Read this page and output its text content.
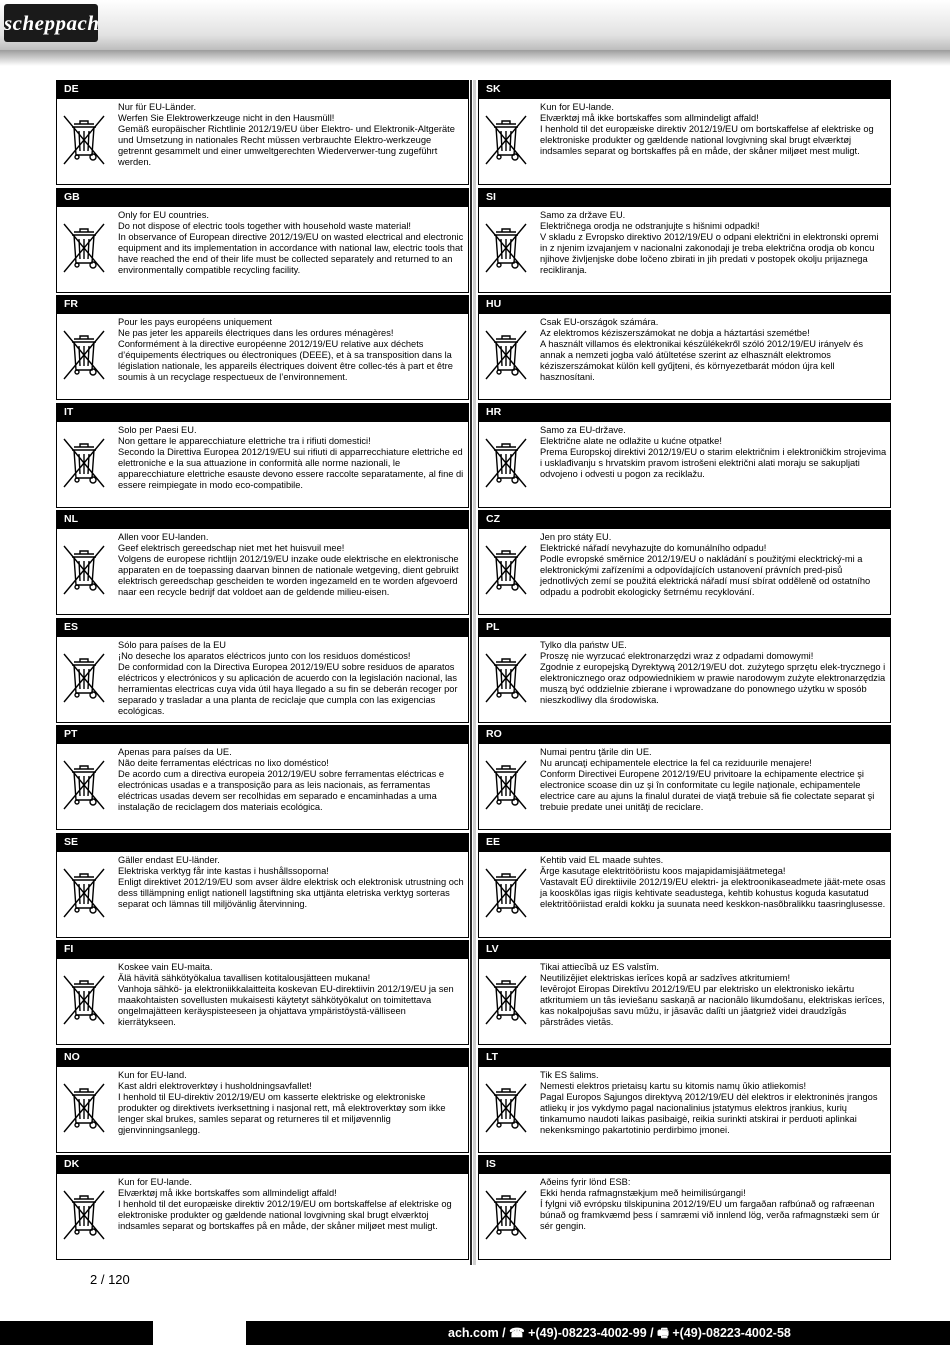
scheppach
DE
Nur für EU-Länder.
Werfen Sie Elektrowerkzeuge nicht in den Hausmüll!
Gemäß europäischer Richtlinie 2012/19/EU über Elektro- und Elektronik-Altgeräte und Umsetzung in nationales Recht müssen verbrauchte Elektro-werkzeuge getrennt gesammelt und einer umweltgerechten Wiederverwer-tung zugeführt werden.
GB
Only for EU countries.
Do not dispose of electric tools together with household waste material!
In observance of European directive 2012/19/EU on wasted electrical and electronic equipment and its implementation in accordance with national law, electric tools that have reached the end of their life must be collected separately and returned to an environmentally compatible recycling facility.
FR
Pour les pays européens uniquement
Ne pas jeter les appareils électriques dans les ordures ménagères!
Conformément à la directive européenne 2012/19/EU relative aux déchets d’équipements électriques ou électroniques (DEEE), et à sa transposition dans la législation nationale, les appareils électriques doivent être collec-tés à part et être soumis à un recyclage respectueux de l’environnement.
IT
Solo per Paesi EU.
Non gettare le apparecchiature elettriche tra i rifiuti domestici!
Secondo la Direttiva Europea 2012/19/EU sui rifiuti di apparrecchiature elettriche ed elettroniche e la sua attuazione in conformità alle norme nazionali, le apparecchiature elettriche esauste devono essere raccolte separatamente, al fine di essere reimpiegate in modo eco-compatibile.
NL
Allen voor EU-landen.
Geef elektrisch gereedschap niet met het huisvuil mee!
Volgens de europese richtlijn 2012/19/EU inzake oude elektrische en elektronische apparaten en de toepassing daarvan binnen de nationale wetgeving, dient gebruikt elektrisch gereedschap gescheiden te worden ingezameld en te worden afgevoerd naar een recycle bedrijf dat voldoet aan de geldende milieu-eisen.
ES
Sólo para países de la EU
¡No deseche los aparatos eléctricos junto con los residuos domésticos!
De conformidad con la Directiva Europea 2012/19/EU sobre residuos de aparatos eléctricos y electrónicos y su aplicación de acuerdo con la legislación nacional, las herramientas electricas cuya vida útil haya llegado a su fin se deberán recoger por separado y trasladar a una planta de reciclaje que cumpla con las exigencias ecológicas.
PT
Apenas para países da UE.
Não deite ferramentas eléctricas no lixo doméstico!
De acordo cum a directiva europeia 2012/19/EU sobre ferramentas eléctricas e electrónicas usadas e a transposição para as leis nacionais, as ferramentas eléctricas usadas devem ser recolhidas em separado e encaminhadas a uma instalação de reciclagem dos materiais ecológica.
SE
Gäller endast EU-länder.
Elektriska verktyg får inte kastas i hushållssoporna!
Enligt direktivet 2012/19/EU som avser äldre elektrisk och elektronisk utrustning och dess tillämpning enligt nationell lagstiftning ska uttjänta eletriska verktyg sorteras separat och lämnas till miljövänlig återvinning.
FI
Koskee vain EU-maita.
Älä hävitä sähkötyökalua tavallisen kotitalousjätteen mukana!
Vanhoja sähkö- ja elektroniikkalaitteita koskevan EU-direktiivin 2012/19/EU ja sen maakohtaisten sovellusten mukaisesti käytetyt sähkötyökalut on toimitettava ongelmajätteen keräyspisteeseen ja ohjattava ympäristöystä-välliseen kierrätykseen.
NO
Kun for EU-land.
Kast aldri elektroverktøy i husholdningsavfallet!
I henhold til EU-direktiv 2012/19/EU om kasserte elektriske og elektroniske produkter og direktivets iverksettning i nasjonal rett, må elektroverktøy som ikke lenger skal brukes, samles separat og returneres til et miljøvennlig gjenvinningsanlegg.
DK
Kun for EU-lande.
Elværktøj må ikke bortskaffes som allmindeligt affald!
I henhold til det europæiske direktiv 2012/19/EU om bortskaffelse af elektriske og elektroniske produkter og gældende national lovgivning skal brugt elværktoj indsamles separat og bortskaffes på en måde, der skåner miljøet mest muligt.
SK
Kun for EU-lande.
Elværktøj må ikke bortskaffes som allmindeligt affald!
I henhold til det europæiske direktiv 2012/19/EU om bortskaffelse af elektriske og elektroniske produkter og gældende national lovgivning skal brugt elværktøj indsamles separat og bortskaffes på en måde, der skåner miljøet mest muligt.
SI
Samo za države EU.
Električnega orodja ne odstranjujte s hišnimi odpadki!
V skladu z Evropsko direktivo 2012/19/EU o odpani električni in elektronski opremi in z njenim izvajanjem v nacionalni zakonodaji je treba električna orodja ob koncu njihove življenjske dobe ločeno zbirati in jih predati v postopek okolju prijaznega recikliranja.
HU
Csak EU-országok számára.
Az elektromos kéziszerszámokat ne dobja a háztartási szemétbe!
A használt villamos és elektronikai készülékekről szóló 2012/19/EU irányelv és annak a nemzeti jogba való átültetése szerint az elhasznált elektromos kéziszerszámokat külön kell gyűjteni, és környezetbarát módon újra kell hasznosítani.
HR
Samo za EU-države.
Električne alate ne odlažite u kućne otpatke!
Prema Europskoj direktivi 2012/19/EU o starim električnim i elektroničkim strojevima i usklađivanju s hrvatskim pravom istrošeni električni alati moraju se sakupljati odvojeno i odvesti u pogon za reciklažu.
CZ
Jen pro státy EU.
Elektrické nářadí nevyhazujte do komunálního odpadu!
Podle evropské směrnice 2012/19/EU o nakládání s použitými elecktrický-mi a elektronickými zařízeními a odpovídajících ustanovení právních pred-pisů jednotlivých zemí se použitá elektrická nářadí musí sbírat odděleně od ostatního odpadu a podrobit ekologicky šetrnému recyklování.
PL
Tylko dla państw UE.
Proszę nie wyrzucać elektronarzędzi wraz z odpadami domowymi!
Zgodnie z europejską Dyrektywą 2012/19/EU dot. zużytego sprzętu elek-trycznego i elektronicznego oraz odpowiednikiem w prawie narodowym zużyte elektronarzędzia muszą być oddzielnie zbierane i wprowadzane do ponownego użytku w sposób nieszkodliwy dla środowiska.
RO
Numai pentru ţările din UE.
Nu aruncaţi echipamentele electrice la fel ca reziduurile menajere!
Conform Directivei Europene 2012/19/EU privitoare la echipamente electrice şi electronice scoase din uz şi în conformitate cu legile naţionale, echipamentele electrice care au ajuns la finalul duratei de viaţă trebuie să fie colectate separat şi trebuie predate unei unităţi de reciclare.
EE
Kehtib vaid EL maade suhtes.
Ärge kasutage elektritööriistu koos majapidamisjäätmetega!
Vastavalt EÜ direktiivile 2012/19/EU elektri- ja elektroonikaseadmete jäät-mete osas ja kooskõlas igas riigis kehtivate seadustega, kehtib kohustus koguda kasutatud elektritööriistad eraldi kokku ja suunata need keskkon-nasõbralikku taasringlusesse.
LV
Tikai attiecībā uz ES valstīm.
Neutilizējiet elektriskas ierīces kopā ar sadzīves atkritumiem!
Ievērojot Eiropas Direktīvu 2012/19/EU par elektrisko un elektronisko iekārtu atkritumiem un tās ieviešanu saskaņā ar nacionālo likumdošanu, elektriskas ierīces, kas nokalpojušas savu mūžu, ir jāsavāc dalīti un jāatgriež videi draudzīgās pārstrādes vietās.
LT
Tik ES šalims.
Nemesti elektros prietaisų kartu su kitomis namų ūkio atliekomis!
Pagal Europos Sąjungos direktyvą 2012/19/EU dėl elektros ir elektroninės įrangos atliekų ir jos vykdymo pagal nacionalinius įstatymus elektros įrankius, kurių tinkamumo naudoti laikas pasibaigė, reikia surinkti atskirai ir perduoti aplinkai nekenksmingo pakartotinio perdirbimo įmonei.
IS
Aðeins fyrir lönd ESB:
Ekki henda rafmagnstækjum með heimilisúrgangi!
Í fylgni við evrópsku tilskipunina 2012/19/EU um fargaðan rafbúnað og rafræenan búnað og framkvæmd þess í samræmi við innlend lög, verða rafmagnstæki sem úr sér gengin.
2 / 120
ach.com / ☎ +(49)-08223-4002-99 / 🖷 +(49)-08223-4002-58
